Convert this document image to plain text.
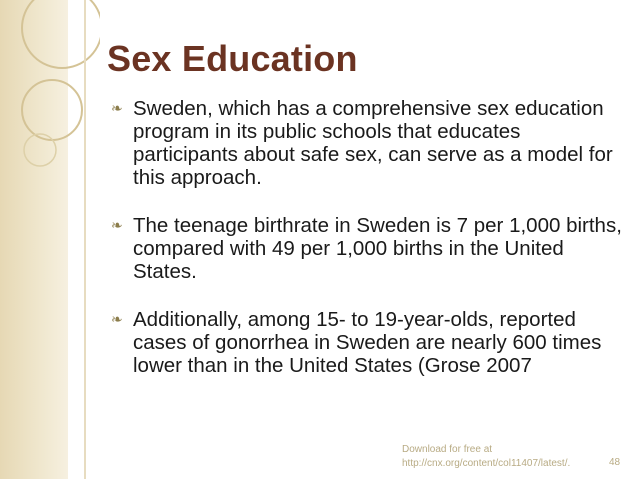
Sex Education
❧ Sweden, which has a comprehensive sex education program in its public schools that educates participants about safe sex, can serve as a model for this approach.
❧ The teenage birthrate in Sweden is 7 per 1,000 births, compared with 49 per 1,000 births in the United States.
❧ Additionally, among 15- to 19-year-olds, reported cases of gonorrhea in Sweden are nearly 600 times lower than in the United States (Grose 2007
Download for free at
http://cnx.org/content/col11407/latest/.	48
